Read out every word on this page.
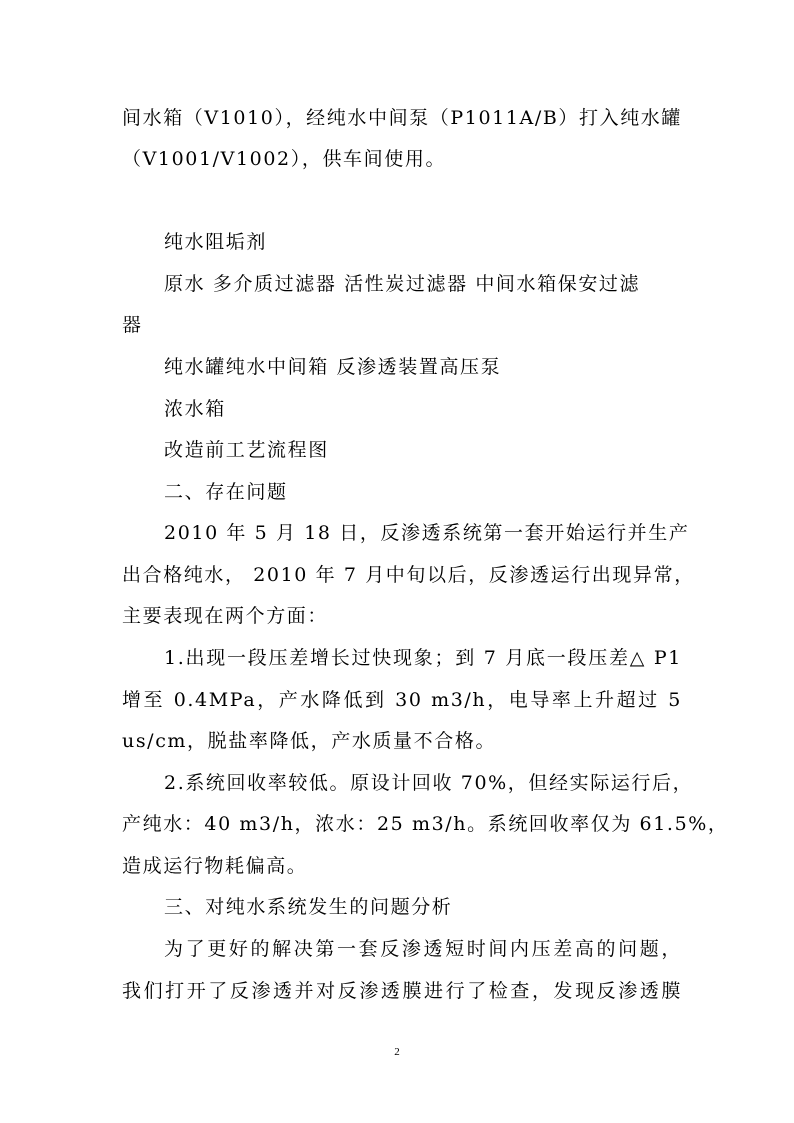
间水箱（V1010），经纯水中间泵（P1011A/B）打入纯水罐
（V1001/V1002），供车间使用。
纯水阻垢剂
原水 多介质过滤器 活性炭过滤器 中间水箱保安过滤
器
纯水罐纯水中间箱 反渗透装置高压泵
浓水箱
改造前工艺流程图
二、存在问题
2010 年 5 月 18 日，反渗透系统第一套开始运行并生产
出合格纯水， 2010 年 7 月中旬以后，反渗透运行出现异常，
主要表现在两个方面：
1.出现一段压差增长过快现象；到 7 月底一段压差△ P1
增至 0.4MPa，产水降低到 30 m3/h，电导率上升超过 5
us/cm，脱盐率降低，产水质量不合格。
2.系统回收率较低。原设计回收 70%，但经实际运行后，
产纯水：40 m3/h，浓水：25 m3/h。系统回收率仅为 61.5%，
造成运行物耗偏高。
三、对纯水系统发生的问题分析
为了更好的解决第一套反渗透短时间内压差高的问题，
我们打开了反渗透并对反渗透膜进行了检查，发现反渗透膜
2
